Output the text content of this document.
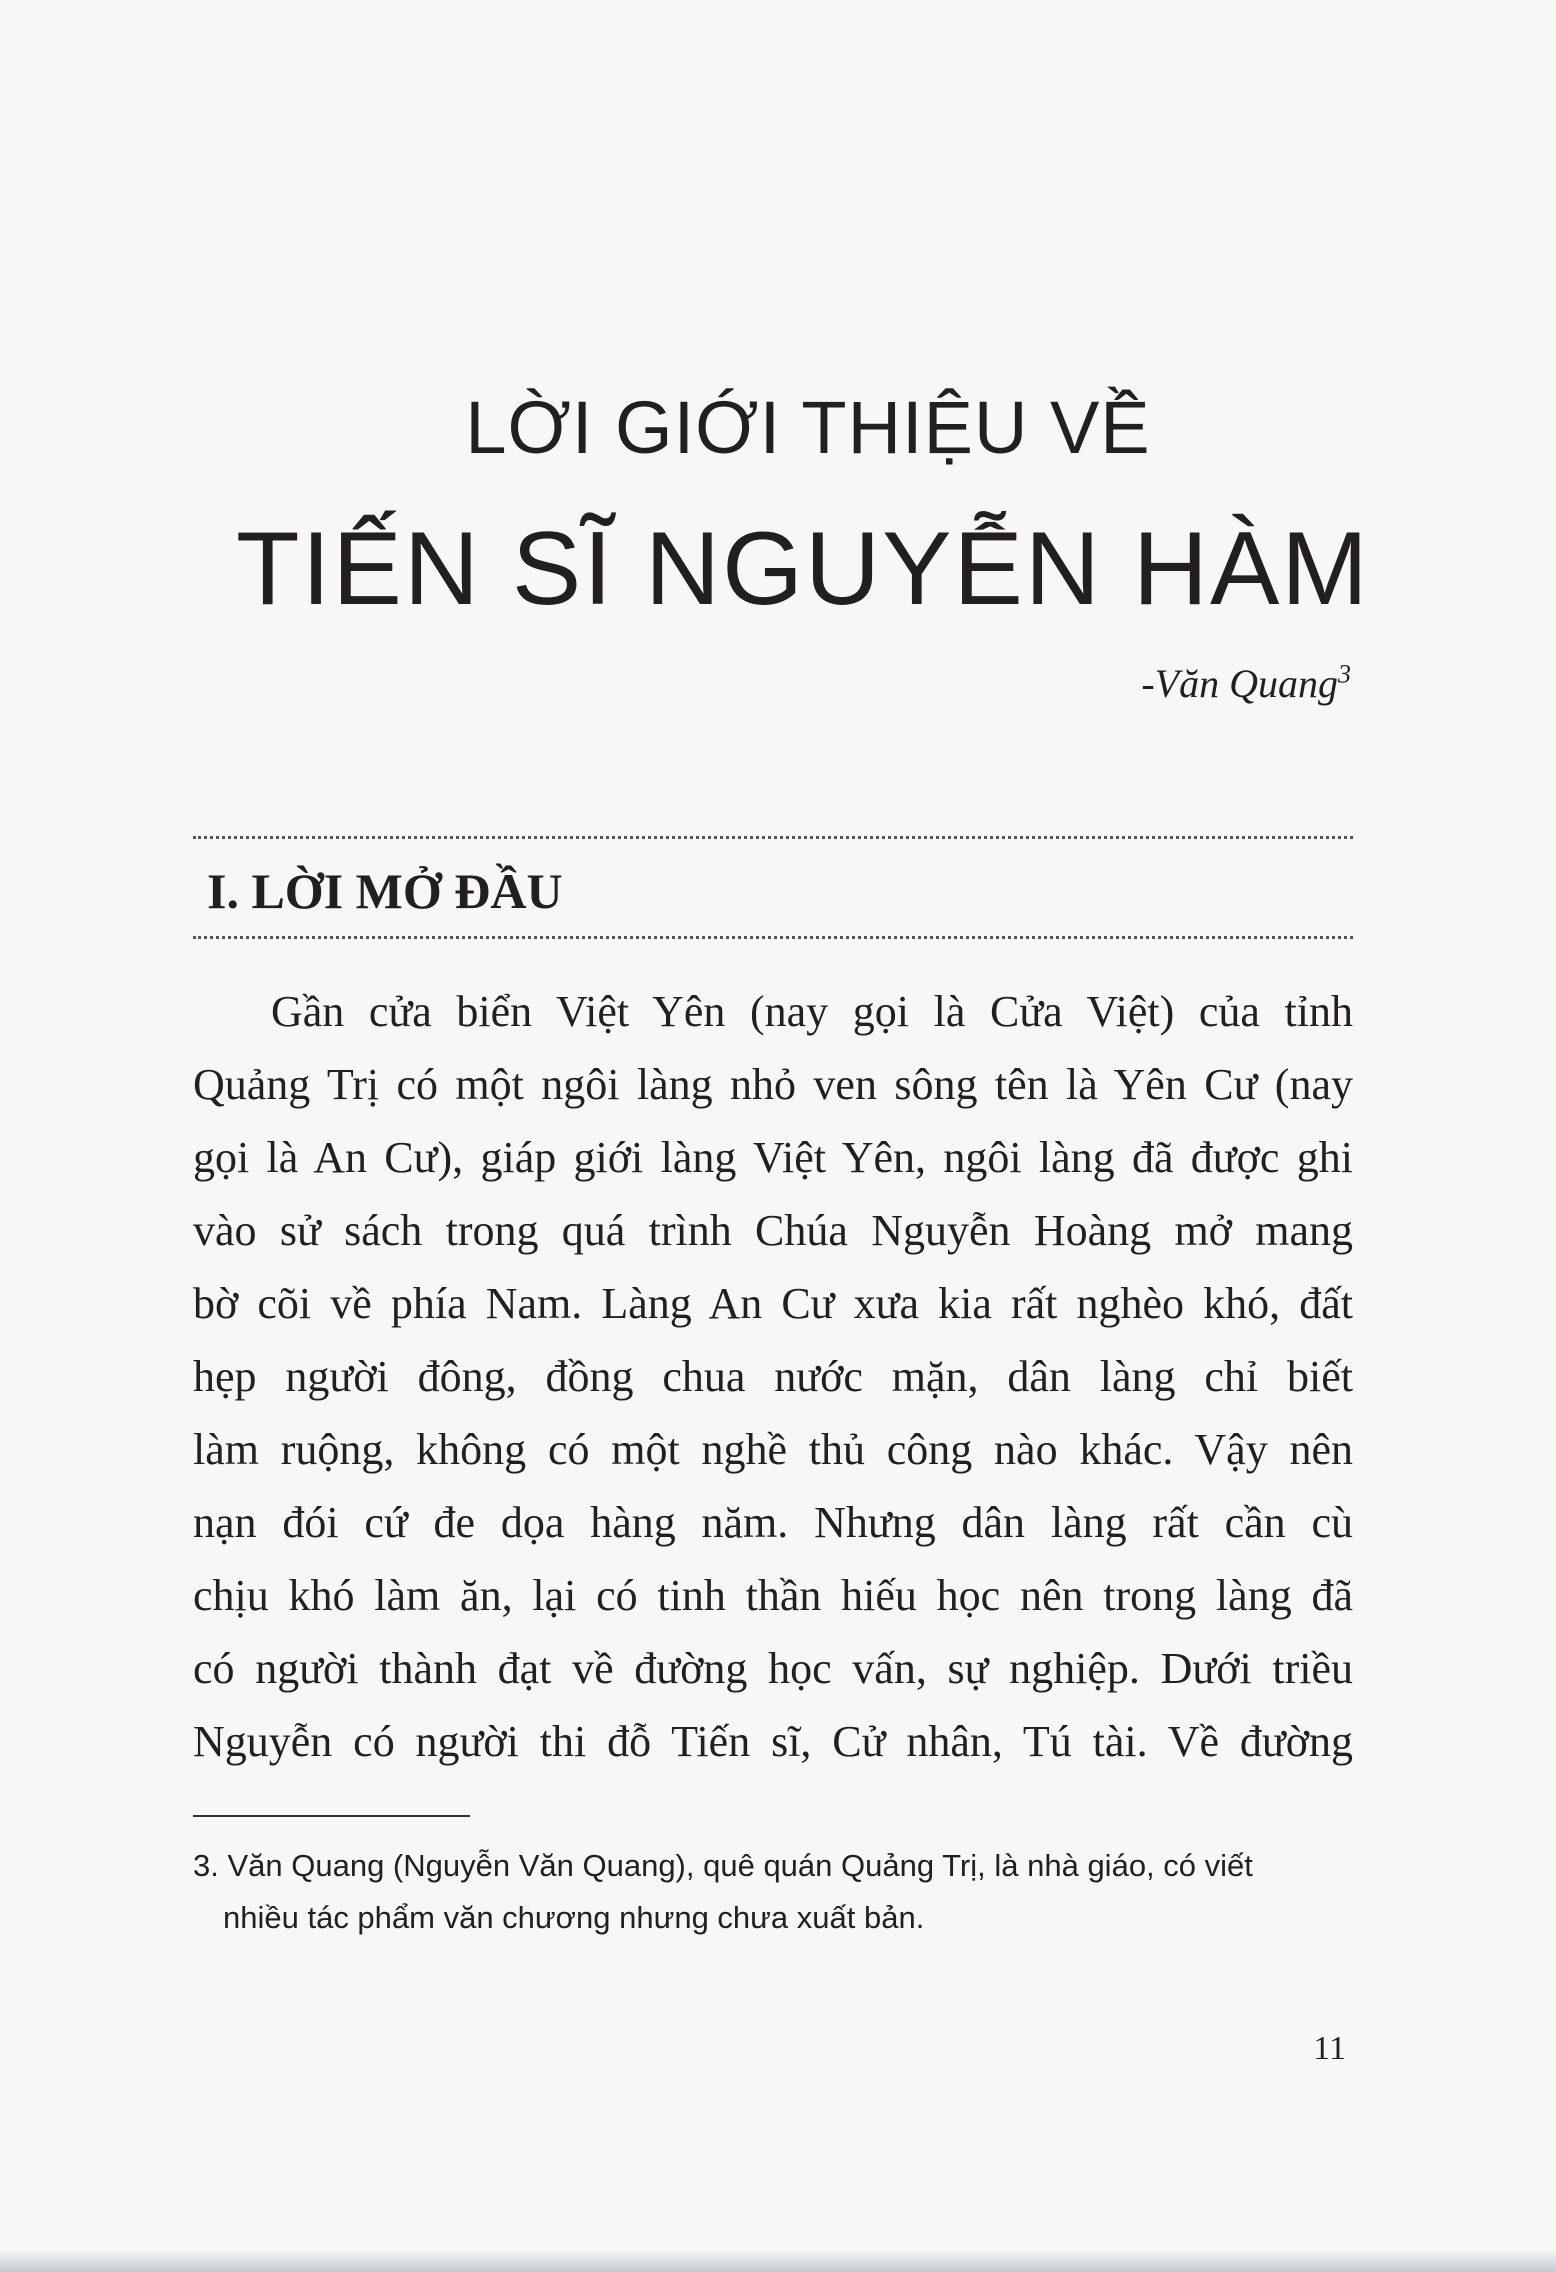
LỜI GIỚI THIỆU VỀ
TIẾN SĨ NGUYỄN HÀM
-Văn Quang$^3$
I. LỜI MỞ ĐẦU
Gần cửa biển Việt Yên (nay gọi là Cửa Việt) của tỉnh
Quảng Trị có một ngôi làng nhỏ ven sông tên là Yên Cư (nay
gọi là An Cư), giáp giới làng Việt Yên, ngôi làng đã được ghi
vào sử sách trong quá trình Chúa Nguyễn Hoàng mở mang
bờ cõi về phía Nam. Làng An Cư xưa kia rất nghèo khó, đất
hẹp người đông, đồng chua nước mặn, dân làng chỉ biết
làm ruộng, không có một nghề thủ công nào khác. Vậy nên
nạn đói cứ đe dọa hàng năm. Nhưng dân làng rất cần cù
chịu khó làm ăn, lại có tinh thần hiếu học nên trong làng đã
có người thành đạt về đường học vấn, sự nghiệp. Dưới triều
Nguyễn có người thi đỗ Tiến sĩ, Cử nhân, Tú tài. Về đường
3. Văn Quang (Nguyễn Văn Quang), quê quán Quảng Trị, là nhà giáo, có viết
nhiều tác phẩm văn chương nhưng chưa xuất bản.
11
